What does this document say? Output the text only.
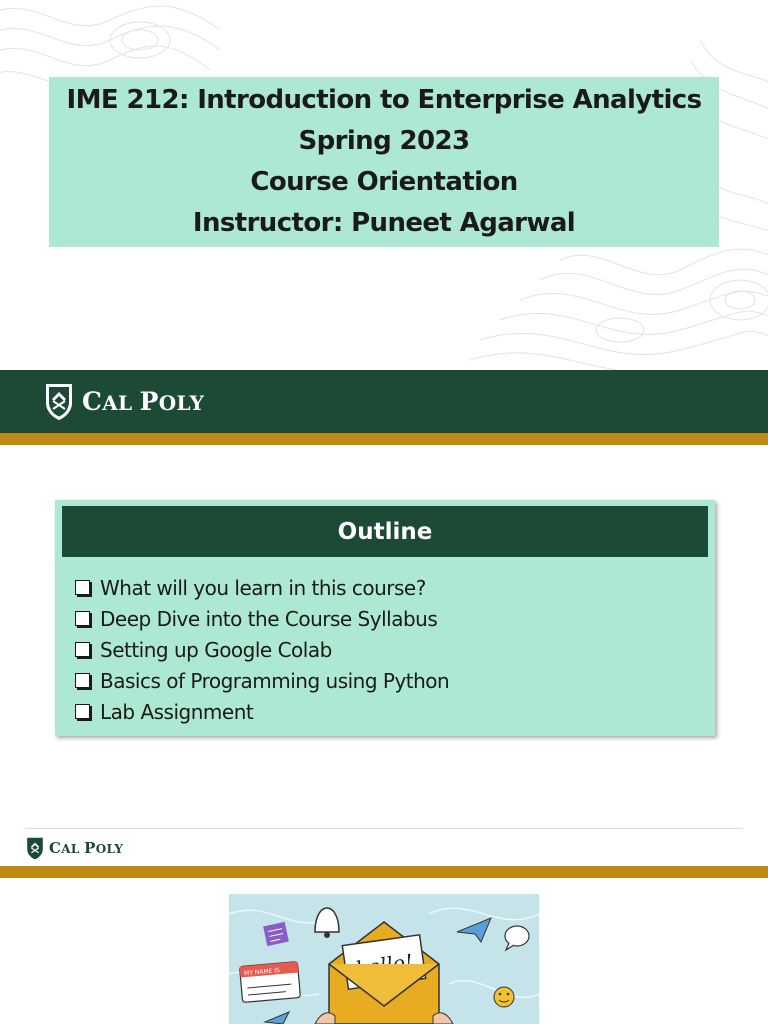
IME 212: Introduction to Enterprise Analytics
Spring 2023
Course Orientation
Instructor: Puneet Agarwal
CAL POLY
Outline
What will you learn in this course?
Deep Dive into the Course Syllabus
Setting up Google Colab
Basics of Programming using Python
Lab Assignment
CAL POLY
MY NAME IS
